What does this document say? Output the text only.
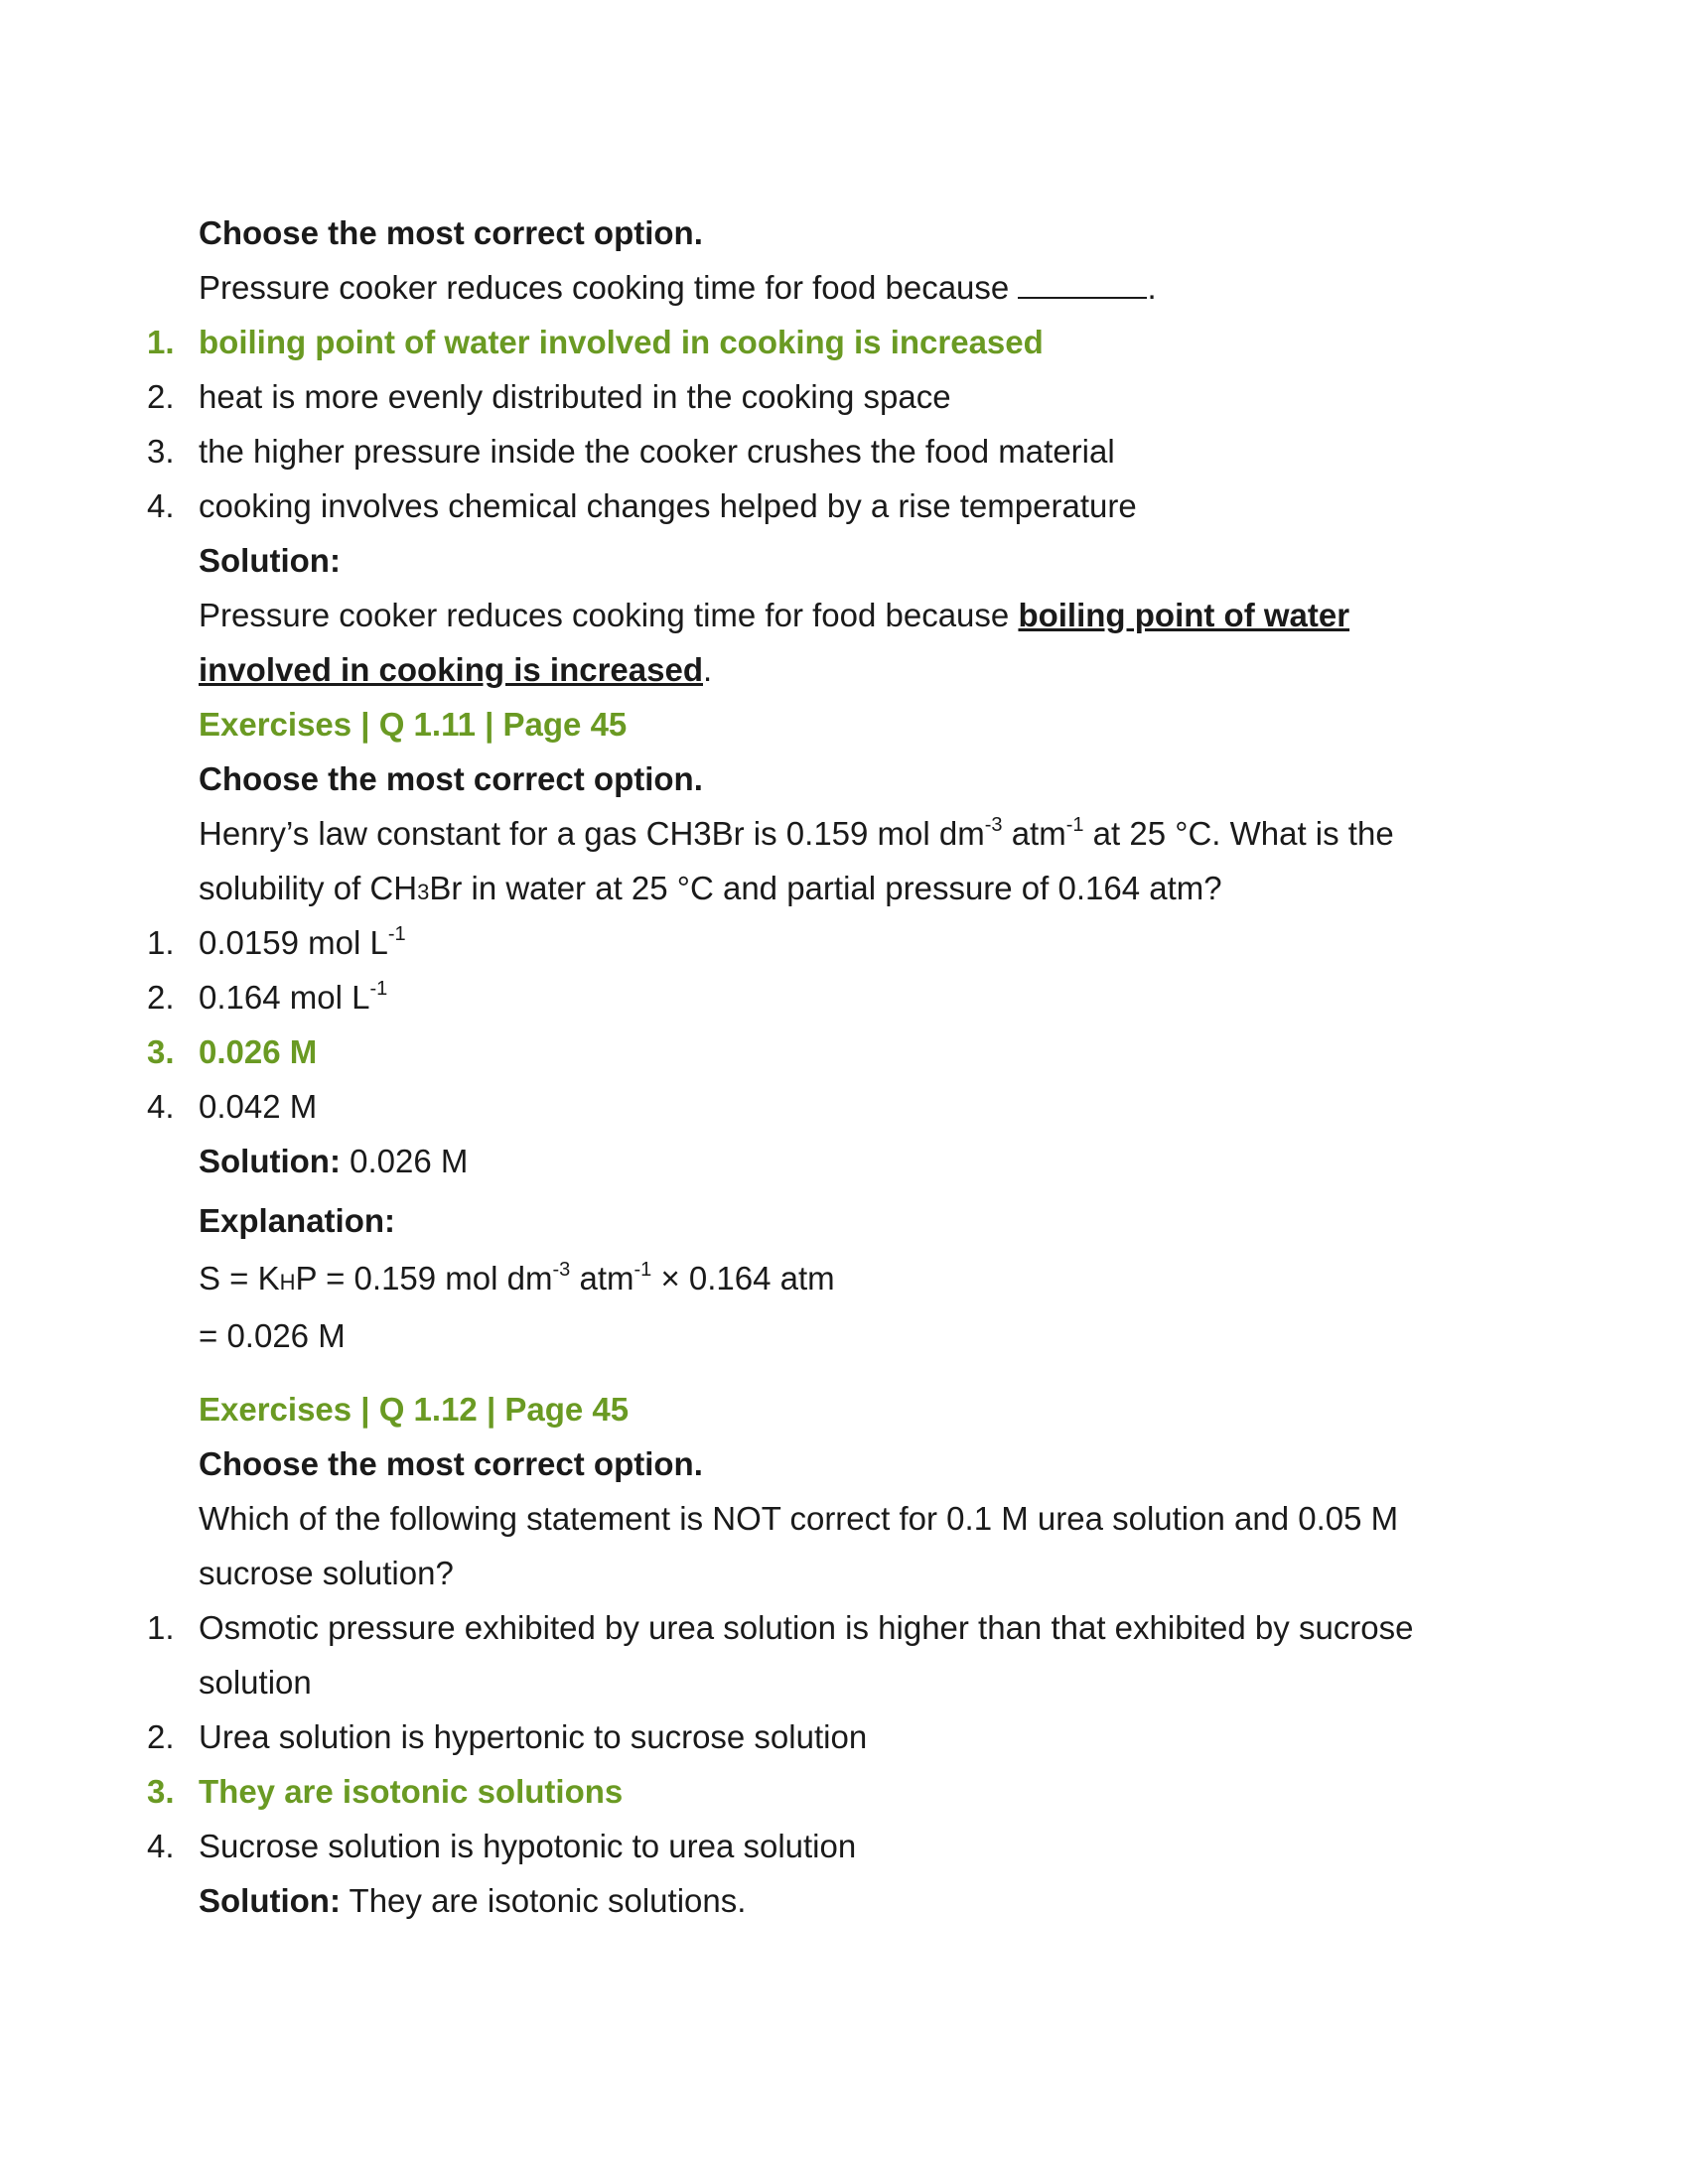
Choose the most correct option.
Pressure cooker reduces cooking time for food because	.
1. boiling point of water involved in cooking is increased
2. heat is more evenly distributed in the cooking space
3. the higher pressure inside the cooker crushes the food material
4. cooking involves chemical changes helped by a rise temperature
Solution:
Pressure cooker reduces cooking time for food because boiling point of water
involved in cooking is increased.
Exercises | Q 1.11 | Page 45
Choose the most correct option.
Henry’s law constant for a gas CH3Br is 0.159 mol $dm^{-3}$ atm$^{-1}$ at 25 °C. What is the
solubility of CH3Br in water at 25 °C and partial pressure of 0.164 atm?
1. 0.0159 mol $L^{-1}$
2. 0.164 mol $L^{-1}$
3. 0.026 M
4. 0.042 M
Solution: 0.026 M
Explanation:
S = KHP = 0.159 mol $dm^{-3}$ atm$^{-1}$ × 0.164 atm
= 0.026 M
Exercises | Q 1.12 | Page 45
Choose the most correct option.
Which of the following statement is NOT correct for 0.1 M urea solution and 0.05 M
sucrose solution?
1. Osmotic pressure exhibited by urea solution is higher than that exhibited by sucrose
solution
2. Urea solution is hypertonic to sucrose solution
3. They are isotonic solutions
4. Sucrose solution is hypotonic to urea solution
Solution: They are isotonic solutions.
